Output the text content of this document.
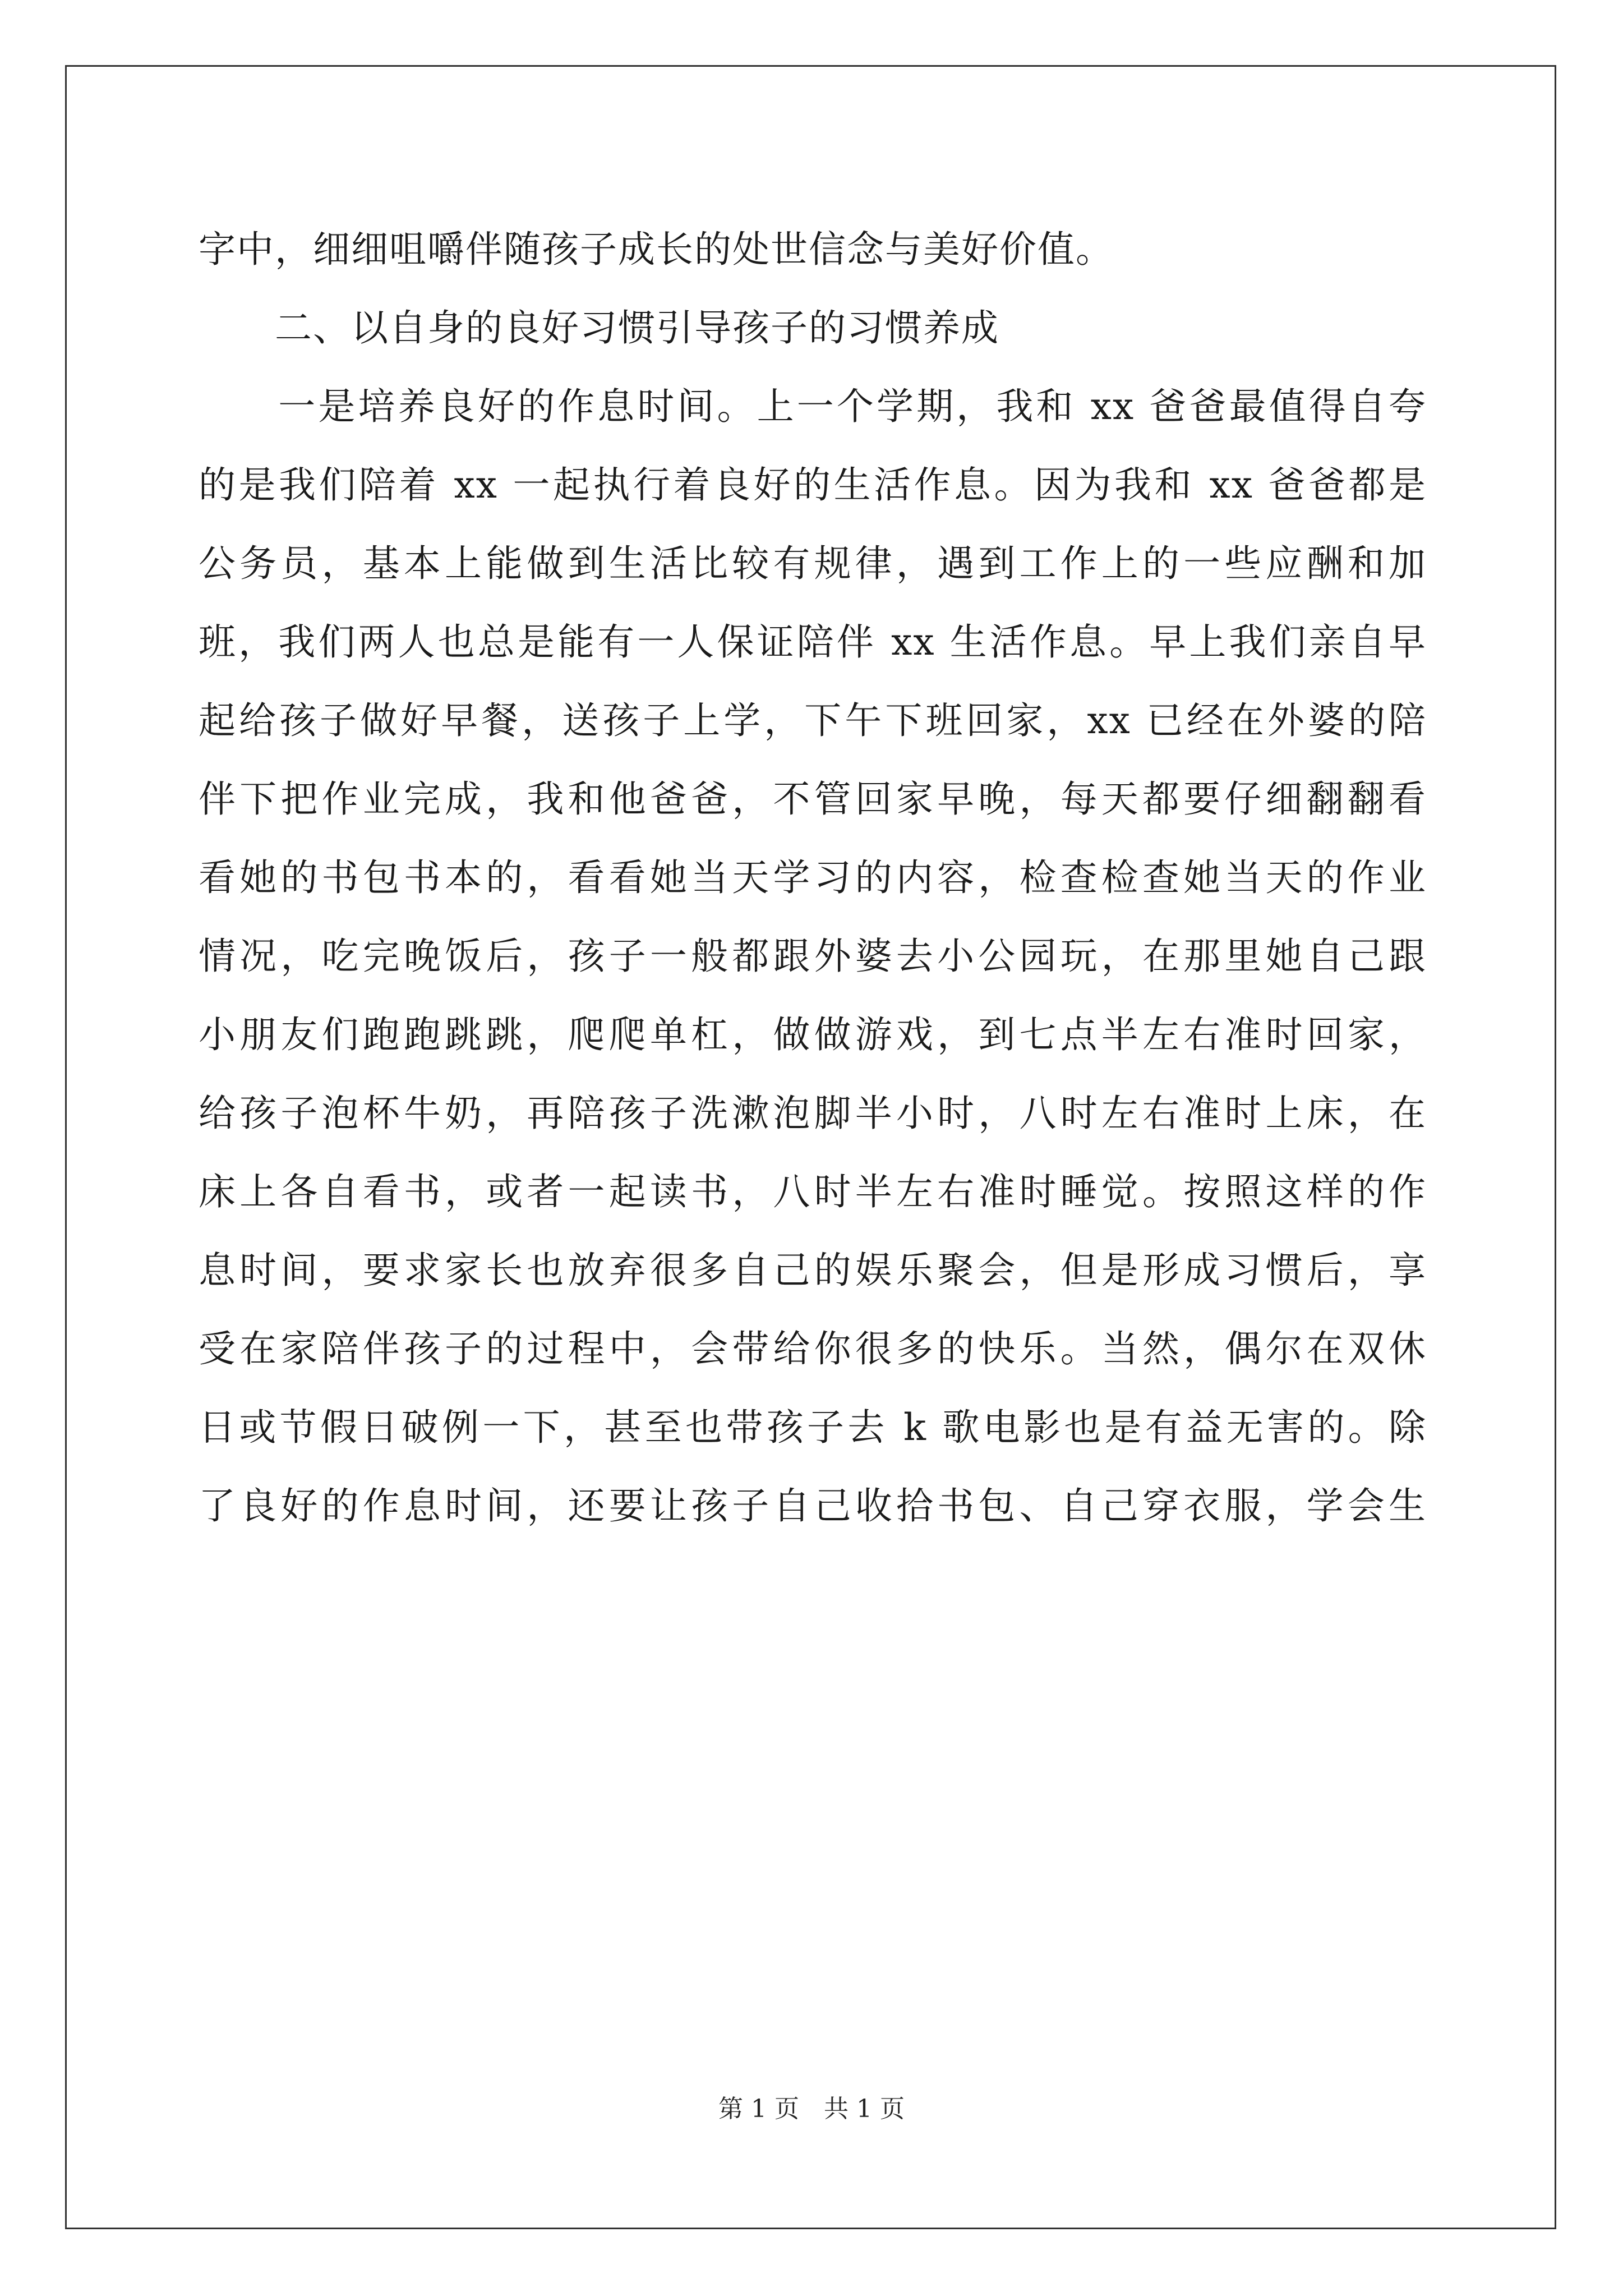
字中，细细咀嚼伴随孩子成长的处世信念与美好价值。
　　二、以自身的良好习惯引导孩子的习惯养成
　　一是培养良好的作息时间。上一个学期，我和 xx 爸爸最值得自夸
的是我们陪着 xx 一起执行着良好的生活作息。因为我和 xx 爸爸都是
公务员，基本上能做到生活比较有规律，遇到工作上的一些应酬和加
班，我们两人也总是能有一人保证陪伴 xx 生活作息。早上我们亲自早
起给孩子做好早餐，送孩子上学，下午下班回家，xx 已经在外婆的陪
伴下把作业完成，我和他爸爸，不管回家早晚，每天都要仔细翻翻看
看她的书包书本的，看看她当天学习的内容，检查检查她当天的作业
情况，吃完晚饭后，孩子一般都跟外婆去小公园玩，在那里她自己跟
小朋友们跑跑跳跳，爬爬单杠，做做游戏，到七点半左右准时回家，
给孩子泡杯牛奶，再陪孩子洗漱泡脚半小时，八时左右准时上床，在
床上各自看书，或者一起读书，八时半左右准时睡觉。按照这样的作
息时间，要求家长也放弃很多自己的娱乐聚会，但是形成习惯后，享
受在家陪伴孩子的过程中，会带给你很多的快乐。当然，偶尔在双休
日或节假日破例一下，甚至也带孩子去 k 歌电影也是有益无害的。除
了良好的作息时间，还要让孩子自己收拾书包、自己穿衣服，学会生
第 1 页　共 1 页
